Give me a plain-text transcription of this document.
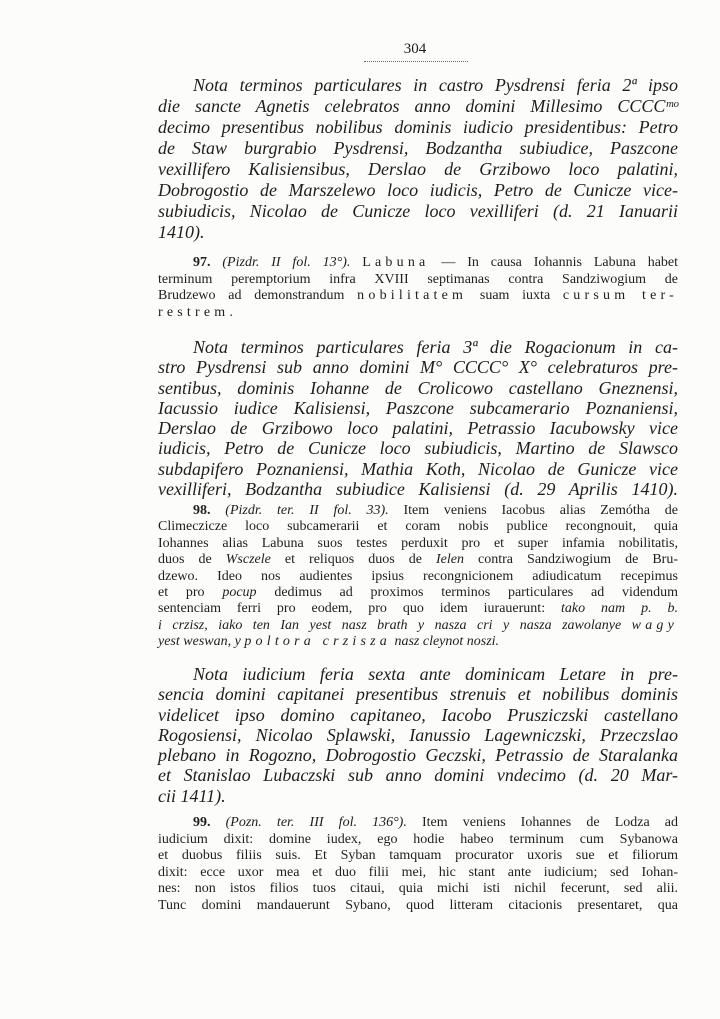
304
Nota terminos particulares in castro Pysdrensi feria 2ª ipso
die sancte Agnetis celebratos anno domini Millesimo CCCCᵐᵒ
decimo presentibus nobilibus dominis iudicio presidentibus: Petro
de Staw burgrabio Pysdrensi, Bodzantha subiudice, Paszcone
vexillifero Kalisiensibus, Derslao de Grzibowo loco palatini,
Dobrogostio de Marszelewo loco iudicis, Petro de Cunicze vice-
subiudicis, Nicolao de Cunicze loco vexilliferi (d. 21 Ianuarii
1410).
97. (Pizdr. II fol. 13°). Labuna — In causa Iohannis Labuna habet
terminum peremptorium infra XVIII septimanas contra Sandziwogium de
Brudzewo ad demonstrandum nobilitatem suam iuxta cursum ter-
restrem.
Nota terminos particulares feria 3ª die Rogacionum in ca-
stro Pysdrensi sub anno domini M° CCCC° X° celebraturos pre-
sentibus, dominis Iohanne de Crolicowo castellano Gneznensi,
Iacussio iudice Kalisiensi, Paszcone subcamerario Poznaniensi,
Derslao de Grzibowo loco palatini, Petrassio Iacubowsky vice
iudicis, Petro de Cunicze loco subiudicis, Martino de Slawsco
subdapifero Poznaniensi, Mathia Koth, Nicolao de Gunicze vice
vexilliferi, Bodzantha subiudice Kalisiensi (d. 29 Aprilis 1410).
98. (Pizdr. ter. II fol. 33). Item veniens Iacobus alias Zemótha de
Climeczicze loco subcamerarii et coram nobis publice recongnouit, quia
Iohannes alias Labuna suos testes perduxit pro et super infamia nobilitatis,
duos de Wsczele et reliquos duos de Ielen contra Sandziwogium de Bru-
dzewo. Ideo nos audientes ipsius recongnicionem adiudicatum recepimus
et pro pocup dedimus ad proximos terminos particulares ad videndum
sentenciam ferri pro eodem, pro quo idem iurauerunt: tako nam p. b.
i crzisz, iako ten Ian yest nasz brath y nasza cri y nasza zawolanye wagy
yest weswan, y poltora crzisza nasz cleynot noszi.
Nota iudicium feria sexta ante dominicam Letare in pre-
sencia domini capitanei presentibus strenuis et nobilibus dominis
videlicet ipso domino capitaneo, Iacobo Prusziczski castellano
Rogosiensi, Nicolao Splawski, Ianussio Lagewniczski, Przeczslao
plebano in Rogozno, Dobrogostio Geczski, Petrassio de Staralanka
et Stanislao Lubaczski sub anno domini vndecimo (d. 20 Mar-
cii 1411).
99. (Pozn. ter. III fol. 136°). Item veniens Iohannes de Lodza ad
iudicium dixit: domine iudex, ego hodie habeo terminum cum Sybanowa
et duobus filiis suis. Et Syban tamquam procurator uxoris sue et filiorum
dixit: ecce uxor mea et duo filii mei, hic stant ante iudicium; sed Iohan-
nes: non istos filios tuos citaui, quia michi isti nichil fecerunt, sed alii.
Tunc domini mandauerunt Sybano, quod litteram citacionis presentaret, qua
